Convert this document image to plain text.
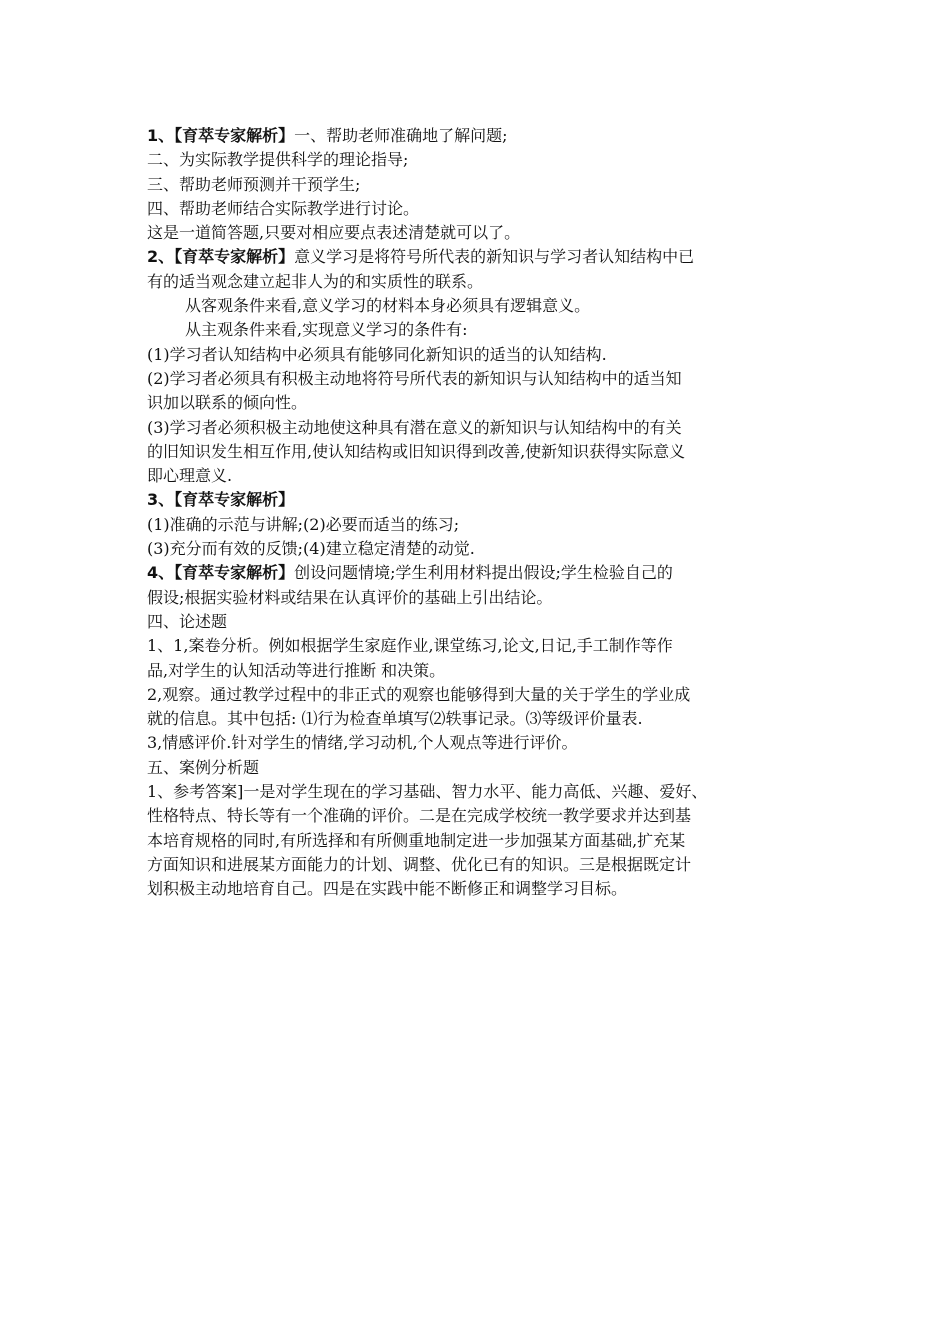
1、【育萃专家解析】一、帮助老师准确地了解问题;
二、为实际教学提供科学的理论指导;
三、帮助老师预测并干预学生;
四、帮助老师结合实际教学进行讨论。
这是一道简答题,只要对相应要点表述清楚就可以了。
2、【育萃专家解析】意义学习是将符号所代表的新知识与学习者认知结构中已
有的适当观念建立起非人为的和实质性的联系。
从客观条件来看,意义学习的材料本身必须具有逻辑意义。
从主观条件来看,实现意义学习的条件有:
(1)学习者认知结构中必须具有能够同化新知识的适当的认知结构.
(2)学习者必须具有积极主动地将符号所代表的新知识与认知结构中的适当知
识加以联系的倾向性。
(3)学习者必须积极主动地使这种具有潜在意义的新知识与认知结构中的有关
的旧知识发生相互作用,使认知结构或旧知识得到改善,使新知识获得实际意义
即心理意义.
3、【育萃专家解析】
(1)准确的示范与讲解;(2)必要而适当的练习;
(3)充分而有效的反馈;(4)建立稳定清楚的动觉.
4、【育萃专家解析】创设问题情境;学生利用材料提出假设;学生检验自己的
假设;根据实验材料或结果在认真评价的基础上引出结论。
四、论述题
1、1,案卷分析。例如根据学生家庭作业,课堂练习,论文,日记,手工制作等作
品,对学生的认知活动等进行推断 和决策。
2,观察。通过教学过程中的非正式的观察也能够得到大量的关于学生的学业成
就的信息。其中包括: ⑴行为检查单填写⑵轶事记录。⑶等级评价量表.
3,情感评价.针对学生的情绪,学习动机,个人观点等进行评价。
五、案例分析题
1、参考答案]一是对学生现在的学习基础、智力水平、能力高低、兴趣、爱好、
性格特点、特长等有一个准确的评价。二是在完成学校统一教学要求并达到基
本培育规格的同时,有所选择和有所侧重地制定进一步加强某方面基础,扩充某
方面知识和进展某方面能力的计划、调整、优化已有的知识。三是根据既定计
划积极主动地培育自己。四是在实践中能不断修正和调整学习目标。
